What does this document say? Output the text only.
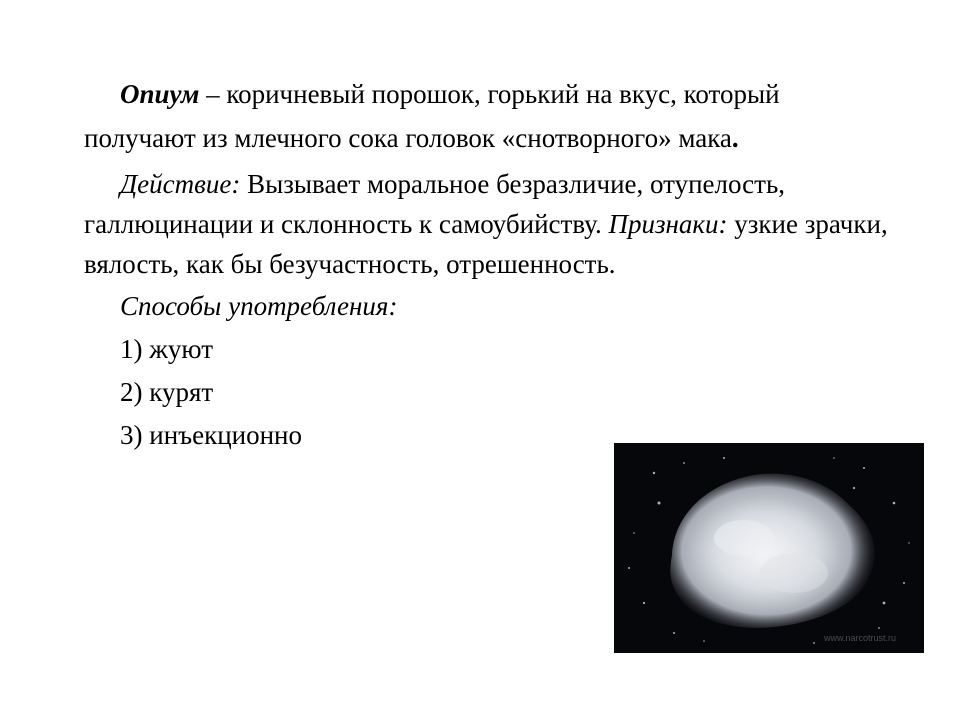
Опиум – коричневый порошок, горький на вкус, который
получают из млечного сока головок «снотворного» мака.

Действие: Вызывает моральное безразличие, отупелость, галлюцинации и склонность к самоубийству. Признаки: узкие зрачки, вялость, как бы безучастность, отрешенность.

Способы употребления:

1) жуют

2) курят

3) инъекционно

www.narcotrust.ru
